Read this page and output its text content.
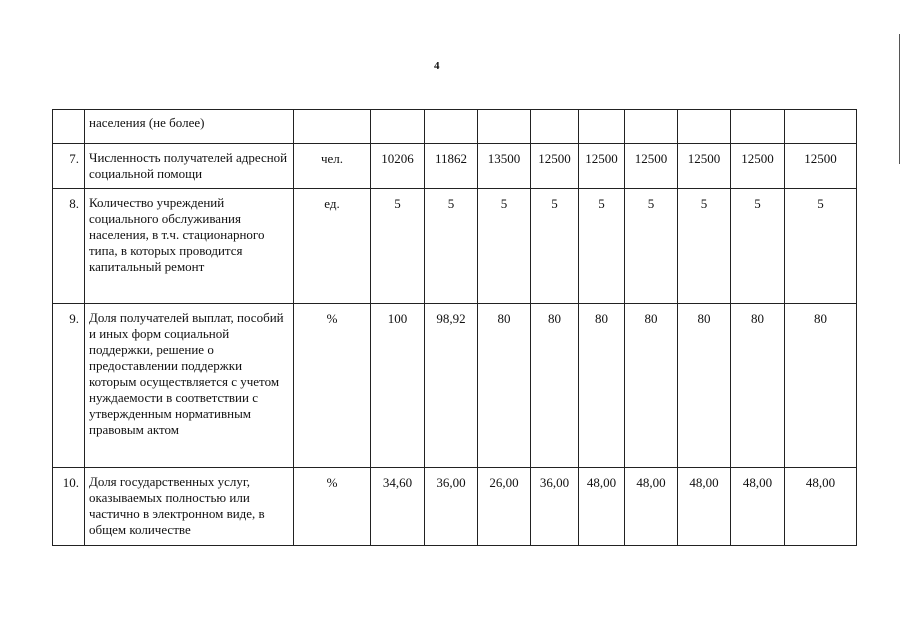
4
	населения (не более)										
7.	Численность получателей адресной социальной помощи	чел.	10206	11862	13500	12500	12500	12500	12500	12500	12500
8.	Количество учреждений социального обслуживания населения, в т.ч. стационарного типа, в которых проводится капитальный ремонт	ед.	5	5	5	5	5	5	5	5	5
9.	Доля получателей выплат, пособий и иных форм социальной поддержки, решение о предоставлении поддержки которым осуществляется с учетом нуждаемости в соответствии с утвержденным нормативным правовым актом	%	100	98,92	80	80	80	80	80	80	80
10.	Доля государственных услуг, оказываемых полностью или частично в электронном виде, в общем количестве	%	34,60	36,00	26,00	36,00	48,00	48,00	48,00	48,00	48,00
